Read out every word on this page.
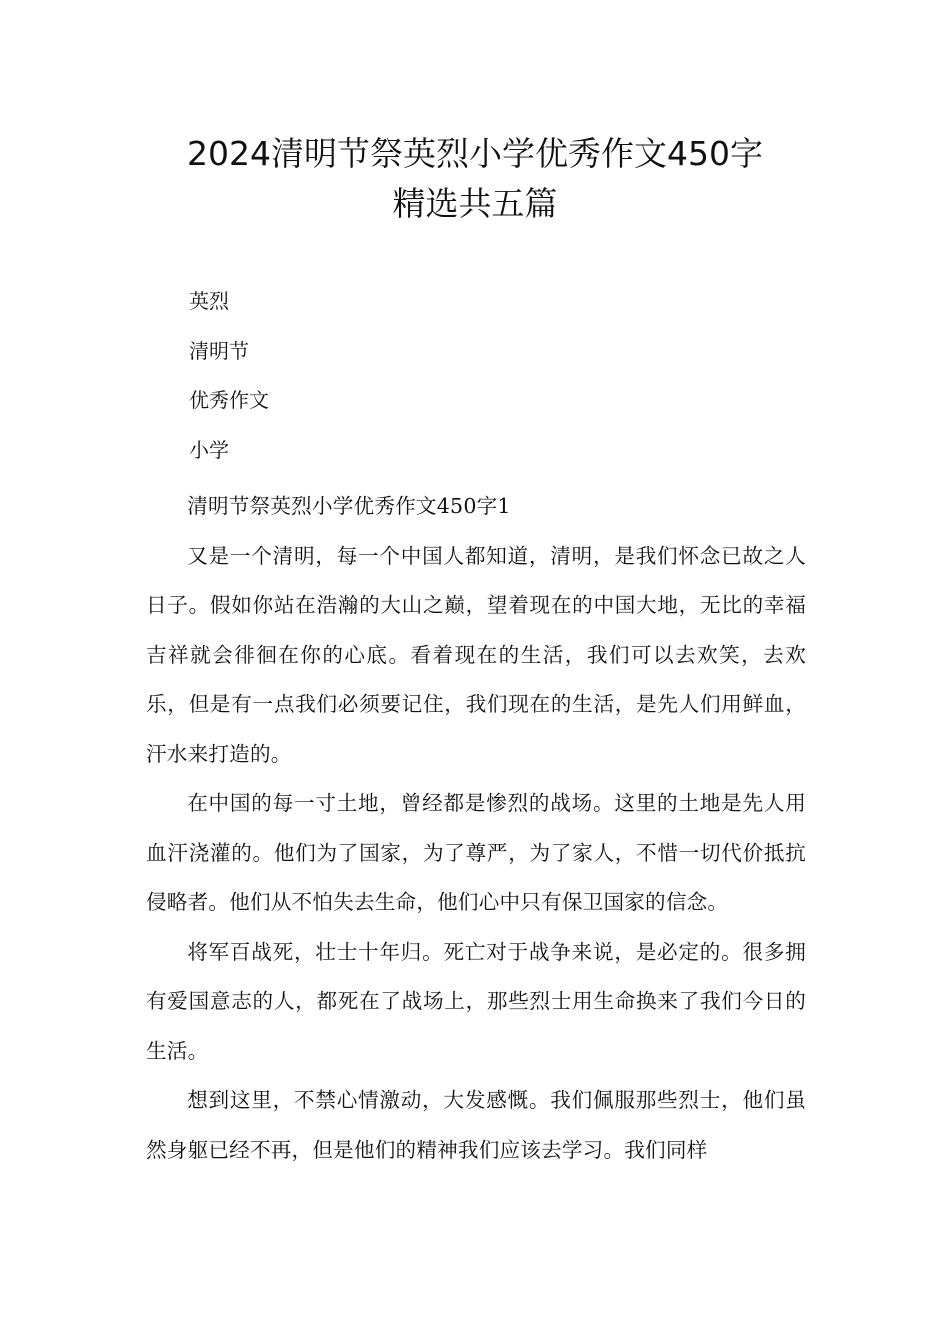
2024清明节祭英烈小学优秀作文450字
精选共五篇
英烈
清明节
优秀作文
小学

清明节祭英烈小学优秀作文450字1

又是一个清明，每一个中国人都知道，清明，是我们怀念已故之人日子。假如你站在浩瀚的大山之巅，望着现在的中国大地，无比的幸福吉祥就会徘徊在你的心底。看着现在的生活，我们可以去欢笑，去欢乐，但是有一点我们必须要记住，我们现在的生活，是先人们用鲜血，汗水来打造的。

在中国的每一寸土地，曾经都是惨烈的战场。这里的土地是先人用血汗浇灌的。他们为了国家，为了尊严，为了家人，不惜一切代价抵抗侵略者。他们从不怕失去生命，他们心中只有保卫国家的信念。

将军百战死，壮士十年归。死亡对于战争来说，是必定的。很多拥有爱国意志的人，都死在了战场上，那些烈士用生命换来了我们今日的生活。

想到这里，不禁心情激动，大发感慨。我们佩服那些烈士，他们虽然身躯已经不再，但是他们的精神我们应该去学习。我们同样
